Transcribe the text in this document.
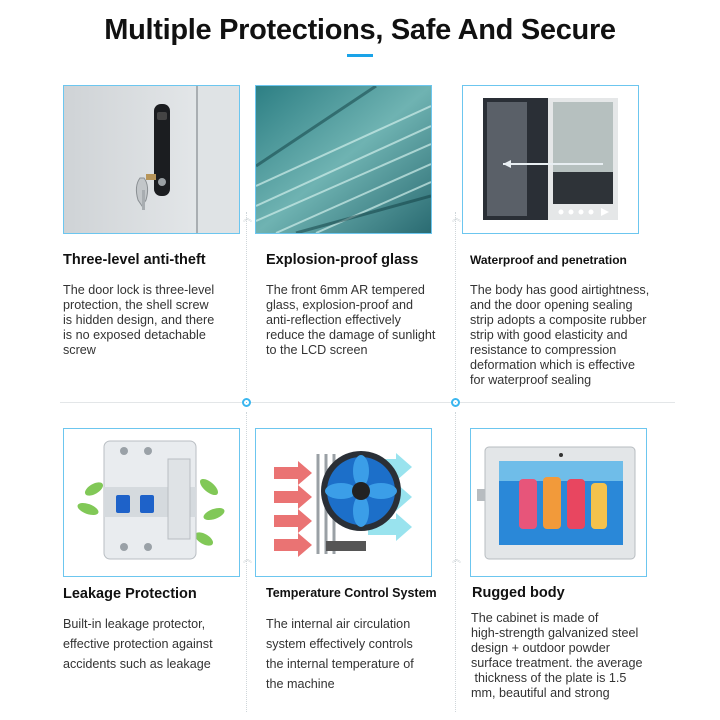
Multiple Protections, Safe And Secure
︽	︽
︽	︽
Three-level anti-theft	Explosion-proof glass	Waterproof and penetration
Leakage Protection	Temperature Control System Rugged body
The door lock is three-level
protection, the shell screw
is hidden design, and there
is no exposed detachable
screw
The front 6mm AR tempered
glass, explosion-proof and
anti-reflection effectively
reduce the damage of sunlight
to the LCD screen
The body has good airtightness,
and the door opening sealing
strip adopts a composite rubber
strip with good elasticity and
resistance to compression
deformation which is effective
for waterproof sealing
Built-in leakage protector,
effective protection against
accidents such as leakage
The internal air circulation
system effectively controls
the internal temperature of
the machine
The cabinet is made of
high-strength galvanized steel
design + outdoor powder
surface treatment. the average
thickness of the plate is 1.5
mm, beautiful and strong
